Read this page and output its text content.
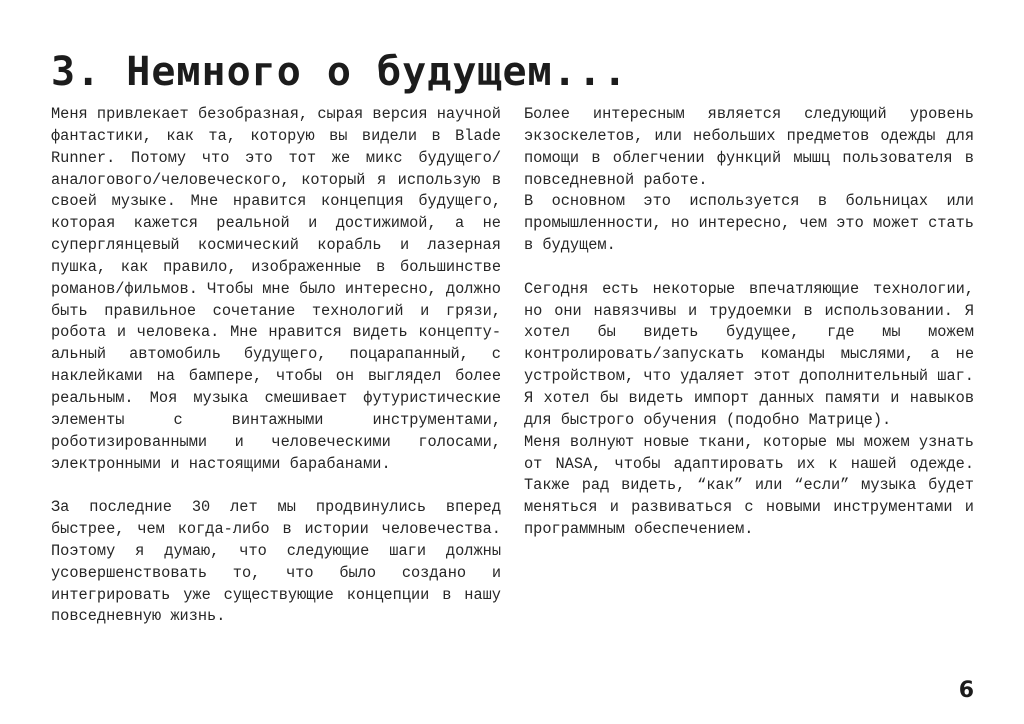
3. Немного о будущем...

Меня привлекает безобразная, сырая версия научной фантастики, как та, которую вы видели в Blade Runner. Потому что это тот же микс будущего/аналогового/человеческого, который я использую в своей музыке. Мне нравится концепция будущего, которая кажется реальной и достижимой, а не суперглянцевый космический корабль и лазерная пушка, как правило, изображенные в большинстве романов/фильмов. Чтобы мне было интересно, должно быть правильное сочетание технологий и грязи, робота и человека. Мне нравится видеть концептуальный автомобиль будущего, поцарапанный, с наклейками на бампере, чтобы он выглядел более реальным. Моя музыка смешивает футуристические элементы с винтажными инструментами, роботизированными и человеческими голосами, электронными и настоящими барабанами.

За последние 30 лет мы продвинулись вперед быстрее, чем когда-либо в истории человечества. Поэтому я думаю, что следующие шаги должны усовершенствовать то, что было создано и интегрировать уже существующие концепции в нашу повседневную жизнь.

Более интересным является следующий уровень экзоскелетов, или небольших предметов одежды для помощи в облегчении функций мышц пользователя в повседневной работе.

В основном это используется в больницах или промышленности, но интересно, чем это может стать в будущем.

Сегодня есть некоторые впечатляющие технологии, но они навязчивы и трудоемки в использовании. Я хотел бы видеть будущее, где мы можем контролировать/запускать команды мыслями, а не устройством, что удаляет этот дополнительный шаг. Я хотел бы видеть импорт данных памяти и навыков для быстрого обучения (подобно Матрице).

Меня волнуют новые ткани, которые мы можем узнать от NASA, чтобы адаптировать их к нашей одежде. Также рад видеть, “как” или “если” музыка будет меняться и развиваться с новыми инструментами и программным обеспечением.

6
